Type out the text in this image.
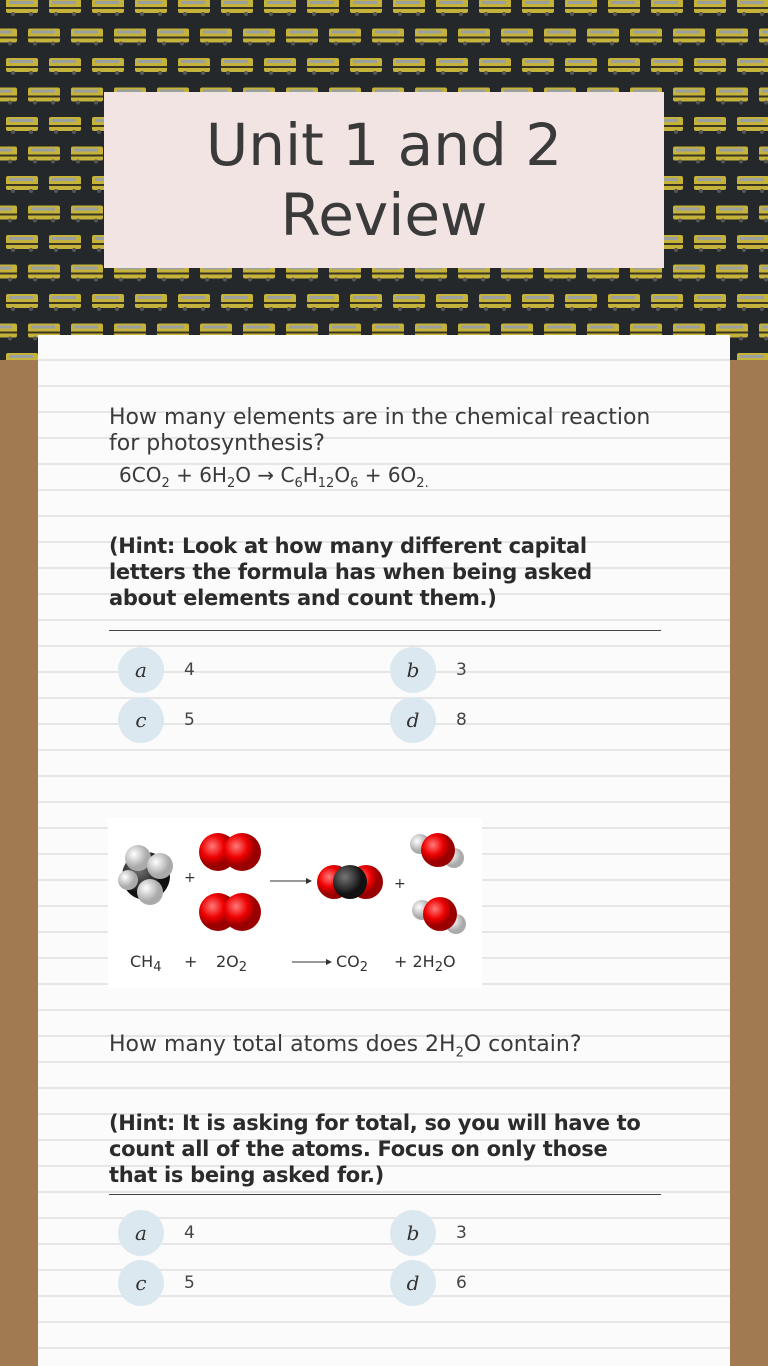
Unit 1 and 2 Review
How many elements are in the chemical reaction for photosynthesis?
$6CO_2 + 6H_2O \to C_6H_{12}O_6 + 6O_{2.}$
(Hint: Look at how many different capital letters the formula has when being asked about elements and count them.)
a	4	b	3
c	5	d	8
+	+
$CH_4 + 2O_2$	$CO_2 + 2H_2O$
How many total atoms does $2H_2O$ contain?
(Hint: It is asking for total, so you will have to count all of the atoms. Focus on only those that is being asked for.)
a	4	b	3
c	5	d	6
